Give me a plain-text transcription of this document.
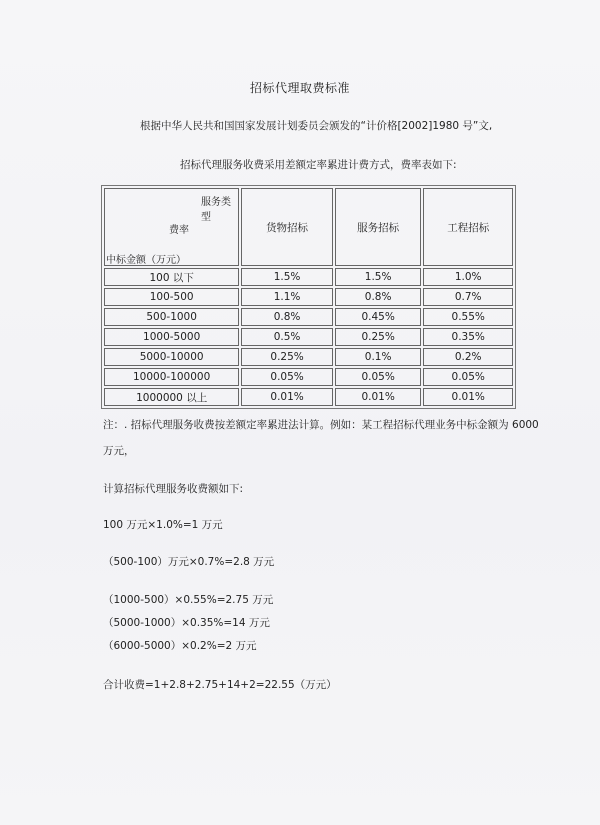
招标代理取费标准
根据中华人民共和国国家发展计划委员会颁发的“计价格[2002]1980 号”文,
招标代理服务收费采用差额定率累进计费方式，费率表如下:
服务类型
费率
中标金额（万元）	货物招标	服务招标	工程招标
100 以下	1.5%	1.5%	1.0%
100-500	1.1%	0.8%	0.7%
500-1000	0.8%	0.45%	0.55%
1000-5000	0.5%	0.25%	0.35%
5000-10000	0.25%	0.1%	0.2%
10000-100000	0.05%	0.05%	0.05%
1000000 以上	0.01%	0.01%	0.01%
注：. 招标代理服务收费按差额定率累进法计算。例如：某工程招标代理业务中标金额为 6000
万元，
计算招标代理服务收费额如下:
100 万元×1.0%=1 万元
（500-100）万元×0.7%=2.8 万元
（1000-500）×0.55%=2.75 万元
（5000-1000）×0.35%=14 万元
（6000-5000）×0.2%=2 万元
合计收费=1+2.8+2.75+14+2=22.55（万元）
